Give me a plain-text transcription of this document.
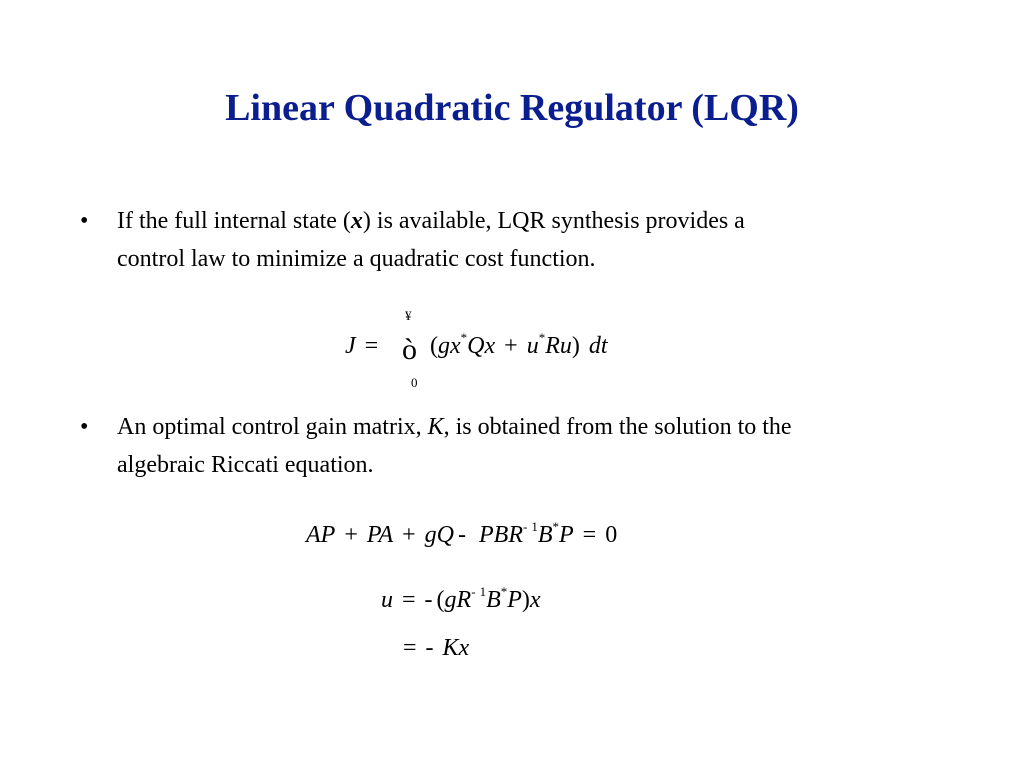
Linear Quadratic Regulator (LQR)
• If the full internal state (x) is available, LQR synthesis provides a
control law to minimize a quadratic cost function.
¥
ò
0
J = (gx*Qx + u*Ru) dt
• An optimal control gain matrix, K, is obtained from the solution to the
algebraic Riccati equation.
AP + PA + gQ - PBR- $^1$B*P = 0
u = - (gR- $^1$B*P)x
= - Kx
